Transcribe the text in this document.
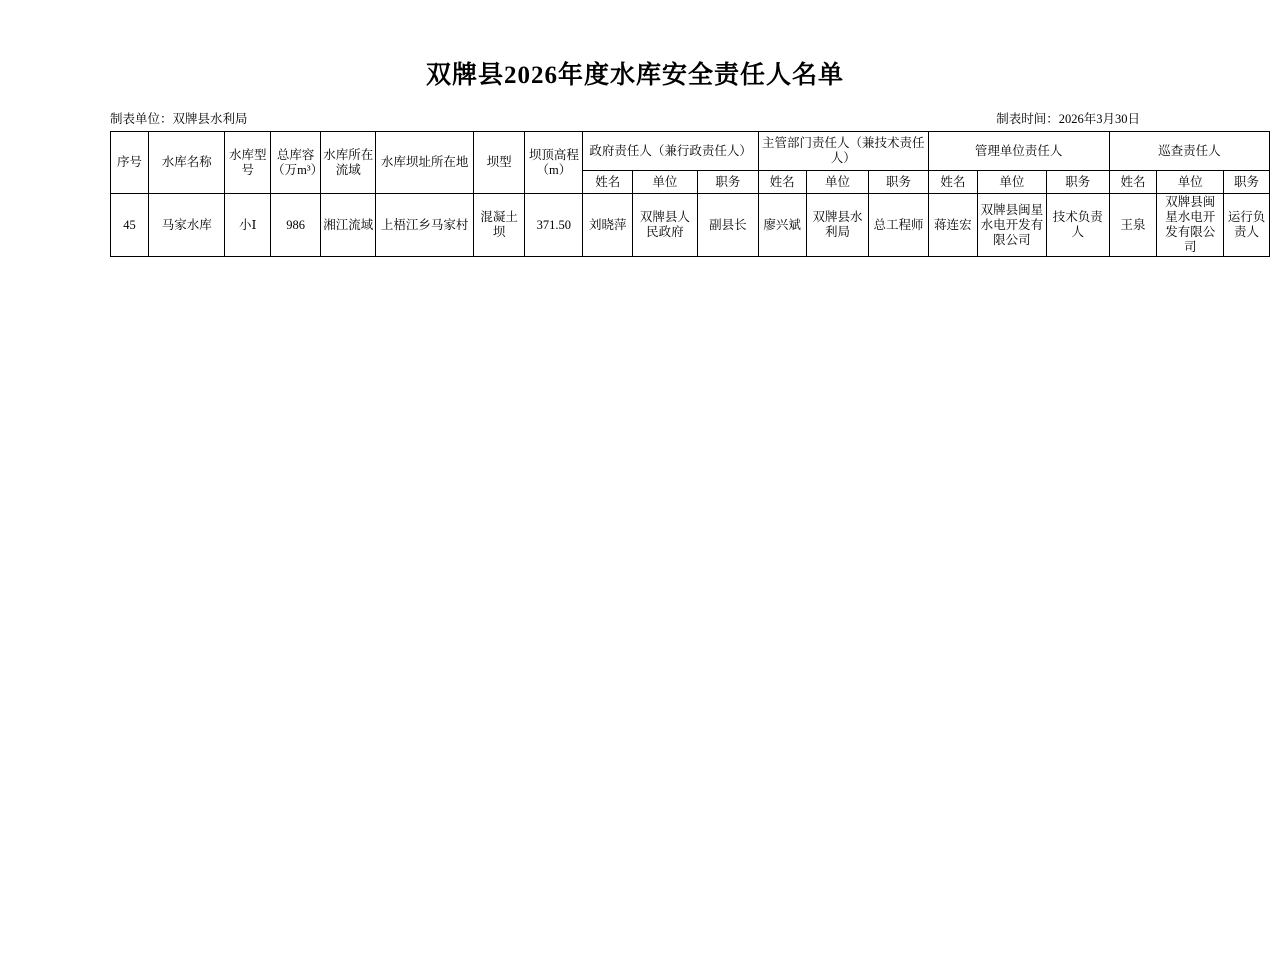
双牌县2026年度水库安全责任人名单
制表单位：双牌县水利局	制表时间：2026年3月30日
序号	水库名称	水库型号	总库容（万m³）	水库所在流域	水库坝址所在地	坝型	坝顶高程（m）	政府责任人（兼行政责任人）			主管部门责任人（兼技术责任人）			管理单位责任人			巡查责任人		
								姓名	单位	职务	姓名	单位	职务	姓名	单位	职务	姓名	单位	职务
45	马家水库	小Ⅰ	986	湘江流域	上梧江乡马家村	混凝土坝	371.50	刘晓萍	双牌县人民政府	副县长	廖兴斌	双牌县水利局	总工程师	蒋连宏	双牌县闽星水电开发有限公司	技术负责人	王泉	双牌县闽星水电开发有限公司	运行负责人
